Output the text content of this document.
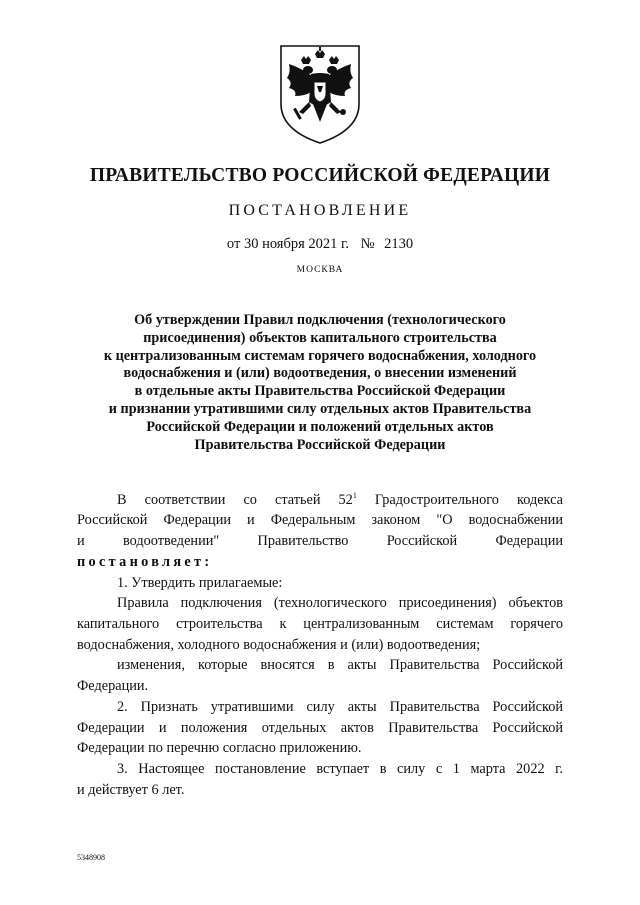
ПРАВИТЕЛЬСТВО РОССИЙСКОЙ ФЕДЕРАЦИИ
ПОСТАНОВЛЕНИЕ
от 30 ноября 2021 г. № 2130
МОСКВА
Об утверждении Правил подключения (технологического
присоединения) объектов капитального строительства
к централизованным системам горячего водоснабжения, холодного
водоснабжения и (или) водоотведения, о внесении изменений
в отдельные акты Правительства Российской Федерации
и признании утратившими силу отдельных актов Правительства
Российской Федерации и положений отдельных актов
Правительства Российской Федерации

В соответствии со статьей $52^1$ Градостроительного кодекса

Российской Федерации и Федеральным законом "О водоснабжении

и водоотведении" Правительство Российской Федерации

постановляет:

1. Утвердить прилагаемые:

Правила подключения (технологического присоединения) объектов

капитального строительства к централизованным системам горячего

водоснабжения, холодного водоснабжения и (или) водоотведения;

изменения, которые вносятся в акты Правительства Российской

Федерации.

2. Признать утратившими силу акты Правительства Российской

Федерации и положения отдельных актов Правительства Российской

Федерации по перечню согласно приложению.

3. Настоящее постановление вступает в силу с 1 марта 2022 г.

и действует 6 лет.

5348908
